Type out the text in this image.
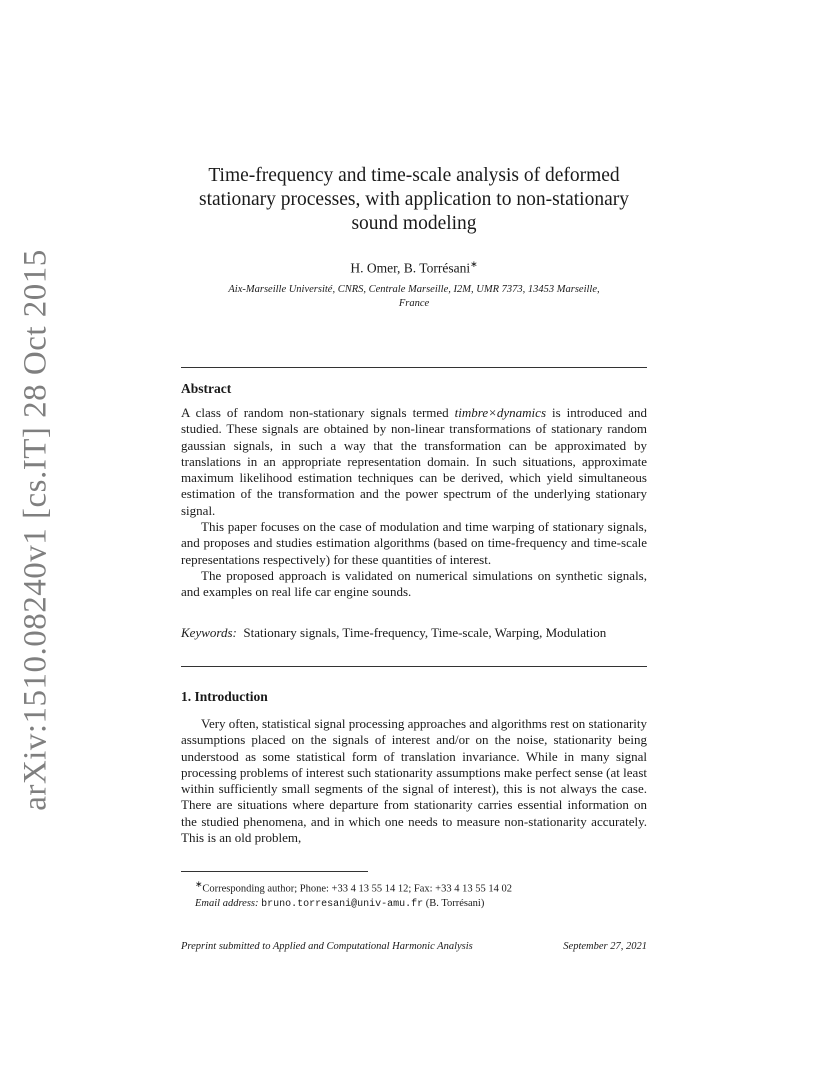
arXiv:1510.08240v1 [cs.IT] 28 Oct 2015
Time-frequency and time-scale analysis of deformed
stationary processes, with application to non-stationary
sound modeling
H. Omer, B. Torrésani∗
Aix-Marseille Université, CNRS, Centrale Marseille, I2M, UMR 7373, 13453 Marseille,
France
Abstract

A class of random non-stationary signals termed timbre×dynamics is introduced and studied. These signals are obtained by non-linear transformations of stationary random gaussian signals, in such a way that the transformation can be approximated by translations in an appropriate representation domain. In such situations, approximate maximum likelihood estimation techniques can be derived, which yield simultaneous estimation of the transformation and the power spectrum of the underlying stationary signal.

This paper focuses on the case of modulation and time warping of stationary signals, and proposes and studies estimation algorithms (based on time-frequency and time-scale representations respectively) for these quantities of interest.

The proposed approach is validated on numerical simulations on synthetic signals, and examples on real life car engine sounds.

Keywords: Stationary signals, Time-frequency, Time-scale, Warping, Modulation
1. Introduction

Very often, statistical signal processing approaches and algorithms rest on stationarity assumptions placed on the signals of interest and/or on the noise, stationarity being understood as some statistical form of translation invariance. While in many signal processing problems of interest such stationarity assumptions make perfect sense (at least within sufficiently small segments of the signal of interest), this is not always the case. There are situations where departure from stationarity carries essential information on the studied phenomena, and in which one needs to measure non-stationarity accurately. This is an old problem,

∗Corresponding author; Phone: +33 4 13 55 14 12; Fax: +33 4 13 55 14 02
Email address: bruno.torresani@univ-amu.fr (B. Torrésani)
Preprint submitted to Applied and Computational Harmonic Analysis	September 27, 2021
